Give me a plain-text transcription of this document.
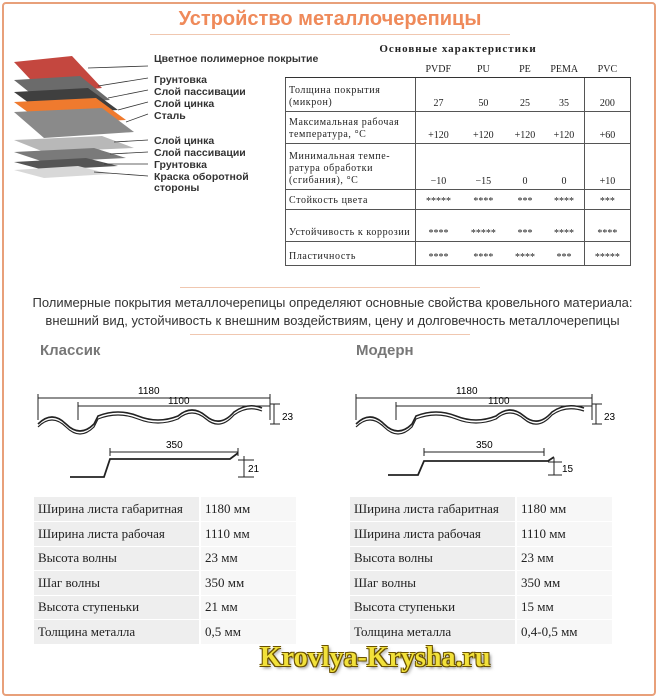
Устройство металлочерепицы
Цветное полимерное покрытие
Грунтовка
Слой пассивации
Слой цинка
Сталь
Слой цинка
Слой пассивации
Грунтовка
Краска оборотной стороны
Основные характеристики
	PVDF	PU	PE	PEMA	PVC
Толщина покрытия (микрон)	27	50	25	35	200
Максимальная рабочая температура, °C	+120	+120	+120	+120	+60
Минимальная темпе- ратура обработки (сгибания), °C	−10	−15	0	0	+10
Стойкость цвета	*****	****	***	****	***
Устойчивость к коррозии	****	*****	***	****	****
Пластичность	****	****	****	***	*****
Полимерные покрытия металлочерепицы определяют основные свойства кровельного материала: внешний вид, устойчивость к внешним воздействиям, цену и долговечность металлочерепицы
Классик
1180
1100
23
350
21
Ширина листа габаритная	1180 мм
Ширина листа рабочая	1110 мм
Высота волны	23 мм
Шаг волны	350 мм
Высота ступеньки	21 мм
Толщина металла	0,5 мм
Модерн
1180
1100
23
350
15
Ширина листа габаритная	1180 мм
Ширина листа рабочая	1110 мм
Высота волны	23 мм
Шаг волны	350 мм
Высота ступеньки	15 мм
Толщина металла	0,4-0,5 мм
Krovlya-Krysha.ru
